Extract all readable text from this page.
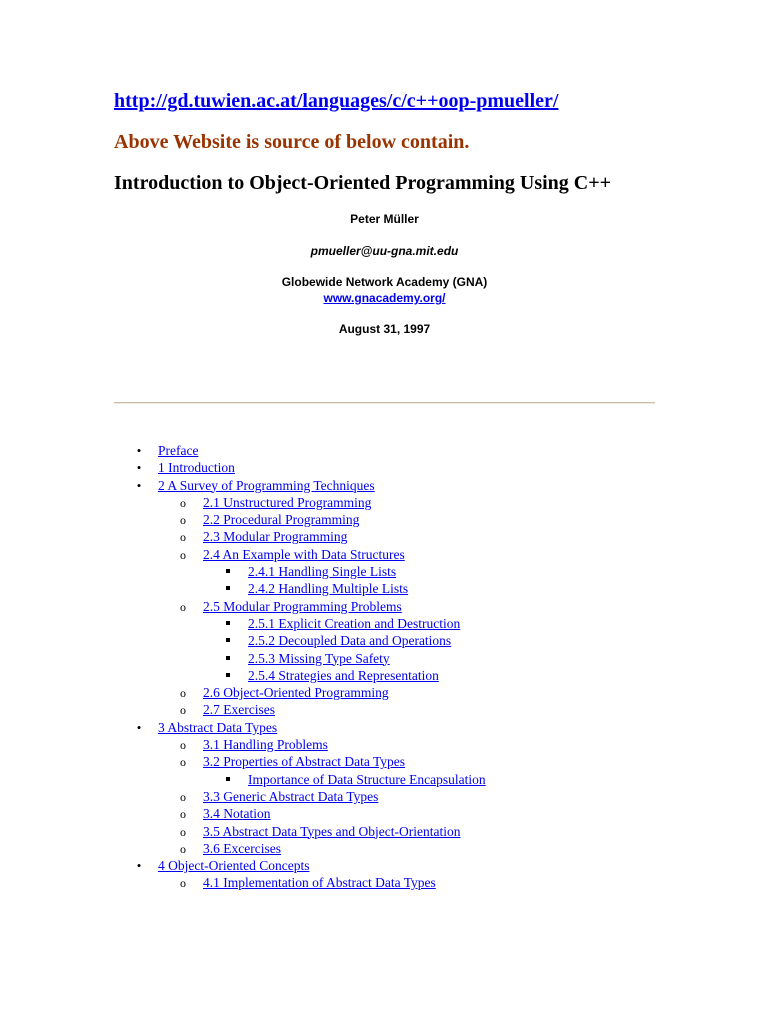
http://gd.tuwien.ac.at/languages/c/c++oop-pmueller/
Above Website is source of below contain.
Introduction to Object-Oriented Programming Using C++
Peter Müller
pmueller@uu-gna.mit.edu
Globewide Network Academy (GNA)
www.gnacademy.org/
August 31, 1997
•
Preface
•
1 Introduction
•
2 A Survey of Programming Techniques
o
2.1 Unstructured Programming
o
2.2 Procedural Programming
o
2.3 Modular Programming
o
2.4 An Example with Data Structures
2.4.1 Handling Single Lists
2.4.2 Handling Multiple Lists
o
2.5 Modular Programming Problems
2.5.1 Explicit Creation and Destruction
2.5.2 Decoupled Data and Operations
2.5.3 Missing Type Safety
2.5.4 Strategies and Representation
o
2.6 Object-Oriented Programming
o
2.7 Exercises
•
3 Abstract Data Types
o
3.1 Handling Problems
o
3.2 Properties of Abstract Data Types
Importance of Data Structure Encapsulation
o
3.3 Generic Abstract Data Types
o
3.4 Notation
o
3.5 Abstract Data Types and Object-Orientation
o
3.6 Excercises
•
4 Object-Oriented Concepts
o
4.1 Implementation of Abstract Data Types
